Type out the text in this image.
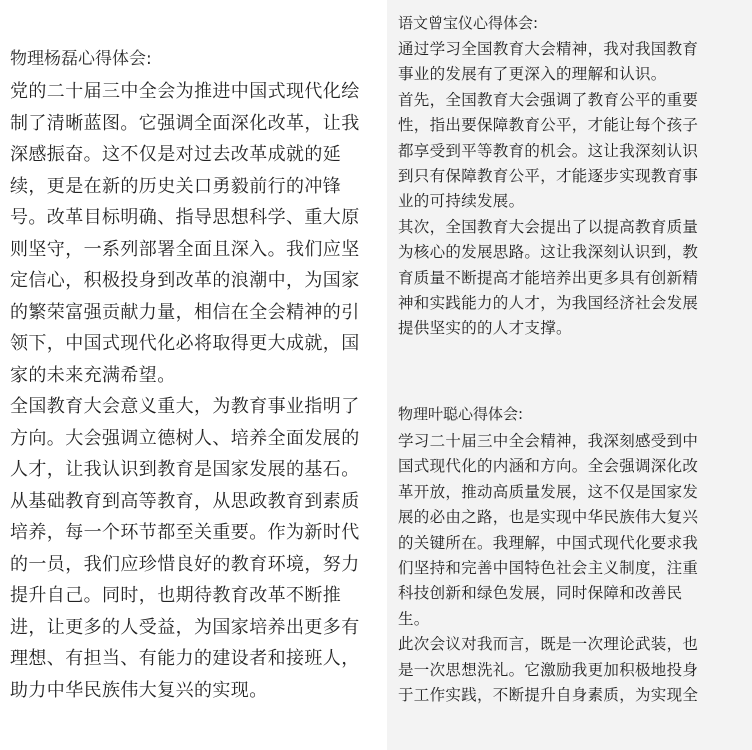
物理杨磊心得体会:
党的二十届三中全会为推进中国式现代化绘
制了清晰蓝图。它强调全面深化改革，让我
深感振奋。这不仅是对过去改革成就的延
续，更是在新的历史关口勇毅前行的冲锋
号。改革目标明确、指导思想科学、重大原
则坚守，一系列部署全面且深入。我们应坚
定信心，积极投身到改革的浪潮中，为国家
的繁荣富强贡献力量，相信在全会精神的引
领下，中国式现代化必将取得更大成就，国
家的未来充满希望。
全国教育大会意义重大，为教育事业指明了
方向。大会强调立德树人、培养全面发展的
人才，让我认识到教育是国家发展的基石。
从基础教育到高等教育，从思政教育到素质
培养，每一个环节都至关重要。作为新时代
的一员，我们应珍惜良好的教育环境，努力
提升自己。同时，也期待教育改革不断推
进，让更多的人受益，为国家培养出更多有
理想、有担当、有能力的建设者和接班人，
助力中华民族伟大复兴的实现。
语文曾宝仪心得体会:
通过学习全国教育大会精神，我对我国教育
事业的发展有了更深入的理解和认识。
首先，全国教育大会强调了教育公平的重要
性，指出要保障教育公平，才能让每个孩子
都享受到平等教育的机会。这让我深刻认识
到只有保障教育公平，才能逐步实现教育事
业的可持续发展。
其次，全国教育大会提出了以提高教育质量
为核心的发展思路。这让我深刻认识到，教
育质量不断提高才能培养出更多具有创新精
神和实践能力的人才，为我国经济社会发展
提供坚实的的人才支撑。
物理叶聪心得体会:
学习二十届三中全会精神，我深刻感受到中
国式现代化的内涵和方向。全会强调深化改
革开放，推动高质量发展，这不仅是国家发
展的必由之路，也是实现中华民族伟大复兴
的关键所在。我理解，中国式现代化要求我
们坚持和完善中国特色社会主义制度，注重
科技创新和绿色发展，同时保障和改善民
生。
此次会议对我而言，既是一次理论武装，也
是一次思想洗礼。它激励我更加积极地投身
于工作实践，不断提升自身素质，为实现全
